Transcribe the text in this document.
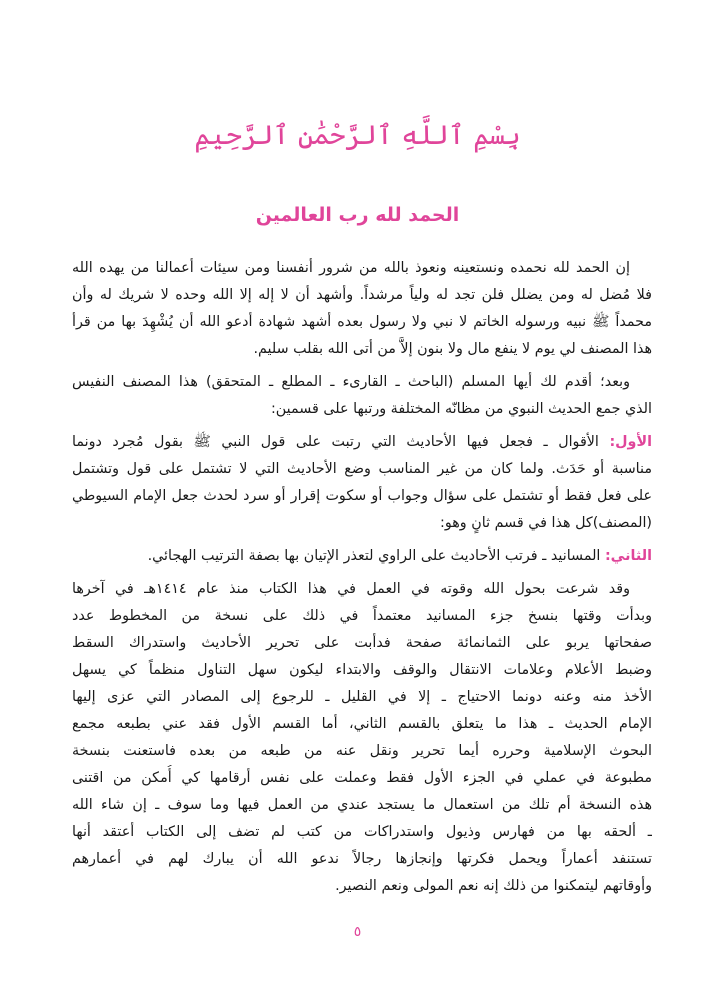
بِسْمِ ٱللَّهِ ٱلرَّحْمَٰنِ ٱلرَّحِيمِ
الحمد لله رب العالمين
إن الحمد لله نحمده ونستعينه ونعوذ بالله من شرور أنفسنا ومن سيئات أعمالنا من يهده الله
فلا مُضل له ومن يضلل فلن تجد له ولياً مرشداً. وأشهد أن لا إله إلا الله وحده لا شريك له وأن
محمداً ﷺ نبيه ورسوله الخاتم لا نبي ولا رسول بعده أشهد شهادة أدعو الله أن يُشْهِدَ بها من قرأ
هذا المصنف لي يوم لا ينفع مال ولا بنون إلاَّ من أتى الله بقلب سليم.
وبعد؛ أقدم لك أيها المسلم (الباحث ـ القارىء ـ المطلع ـ المتحقق) هذا المصنف النفيس
الذي جمع الحديث النبوي من مظانّه المختلفة ورتبها على قسمين:
الأول: الأقوال ـ فجعل فيها الأحاديث التي رتبت على قول النبي ﷺ بقول مُجرد دونما
مناسبة أو حَدَث. ولما كان من غير المناسب وضع الأحاديث التي لا تشتمل على قول وتشتمل
على فعل فقط أو تشتمل على سؤال وجواب أو سكوت إقرار أو سرد لحدث جعل الإمام السيوطي
(المصنف)كل هذا في قسم ثانٍ وهو:
الثاني: المسانيد ـ فرتب الأحاديث على الراوي لتعذر الإتيان بها بصفة الترتيب الهجائي.
وقد شرعت بحول الله وقوته في العمل في هذا الكتاب منذ عام ١٤١٤هـ في آخرها
وبدأت وقتها بنسخ جزء المسانيد معتمداً في ذلك على نسخة من المخطوط عدد
صفحاتها يربو على الثمانمائة صفحة فدأبت على تحرير الأحاديث واستدراك السقط
وضبط الأعلام وعلامات الانتقال والوقف والابتداء ليكون سهل التناول منظماً كي يسهل
الأخذ منه وعنه دونما الاحتياج ـ إلا في القليل ـ للرجوع إلى المصادر التي عزى إليها
الإمام الحديث ـ هذا ما يتعلق بالقسم الثاني، أما القسم الأول فقد عني بطبعه مجمع
البحوث الإسلامية وحرره أيما تحرير ونقل عنه من طبعه من بعده فاستعنت بنسخة
مطبوعة في عملي في الجزء الأول فقط وعملت على نفس أرقامها كي أُمكن من اقتنى
هذه النسخة أم تلك من استعمال ما يستجد عندي من العمل فيها وما سوف ـ إن شاء الله
ـ ألحقه بها من فهارس وذيول واستدراكات من كتب لم تضف إلى الكتاب أعتقد أنها
تستنفد أعماراً ويحمل فكرتها وإنجازها رجالاً ندعو الله أن يبارك لهم في أعمارهم
وأوقاتهم ليتمكنوا من ذلك إنه نعم المولى ونعم النصير.
٥
